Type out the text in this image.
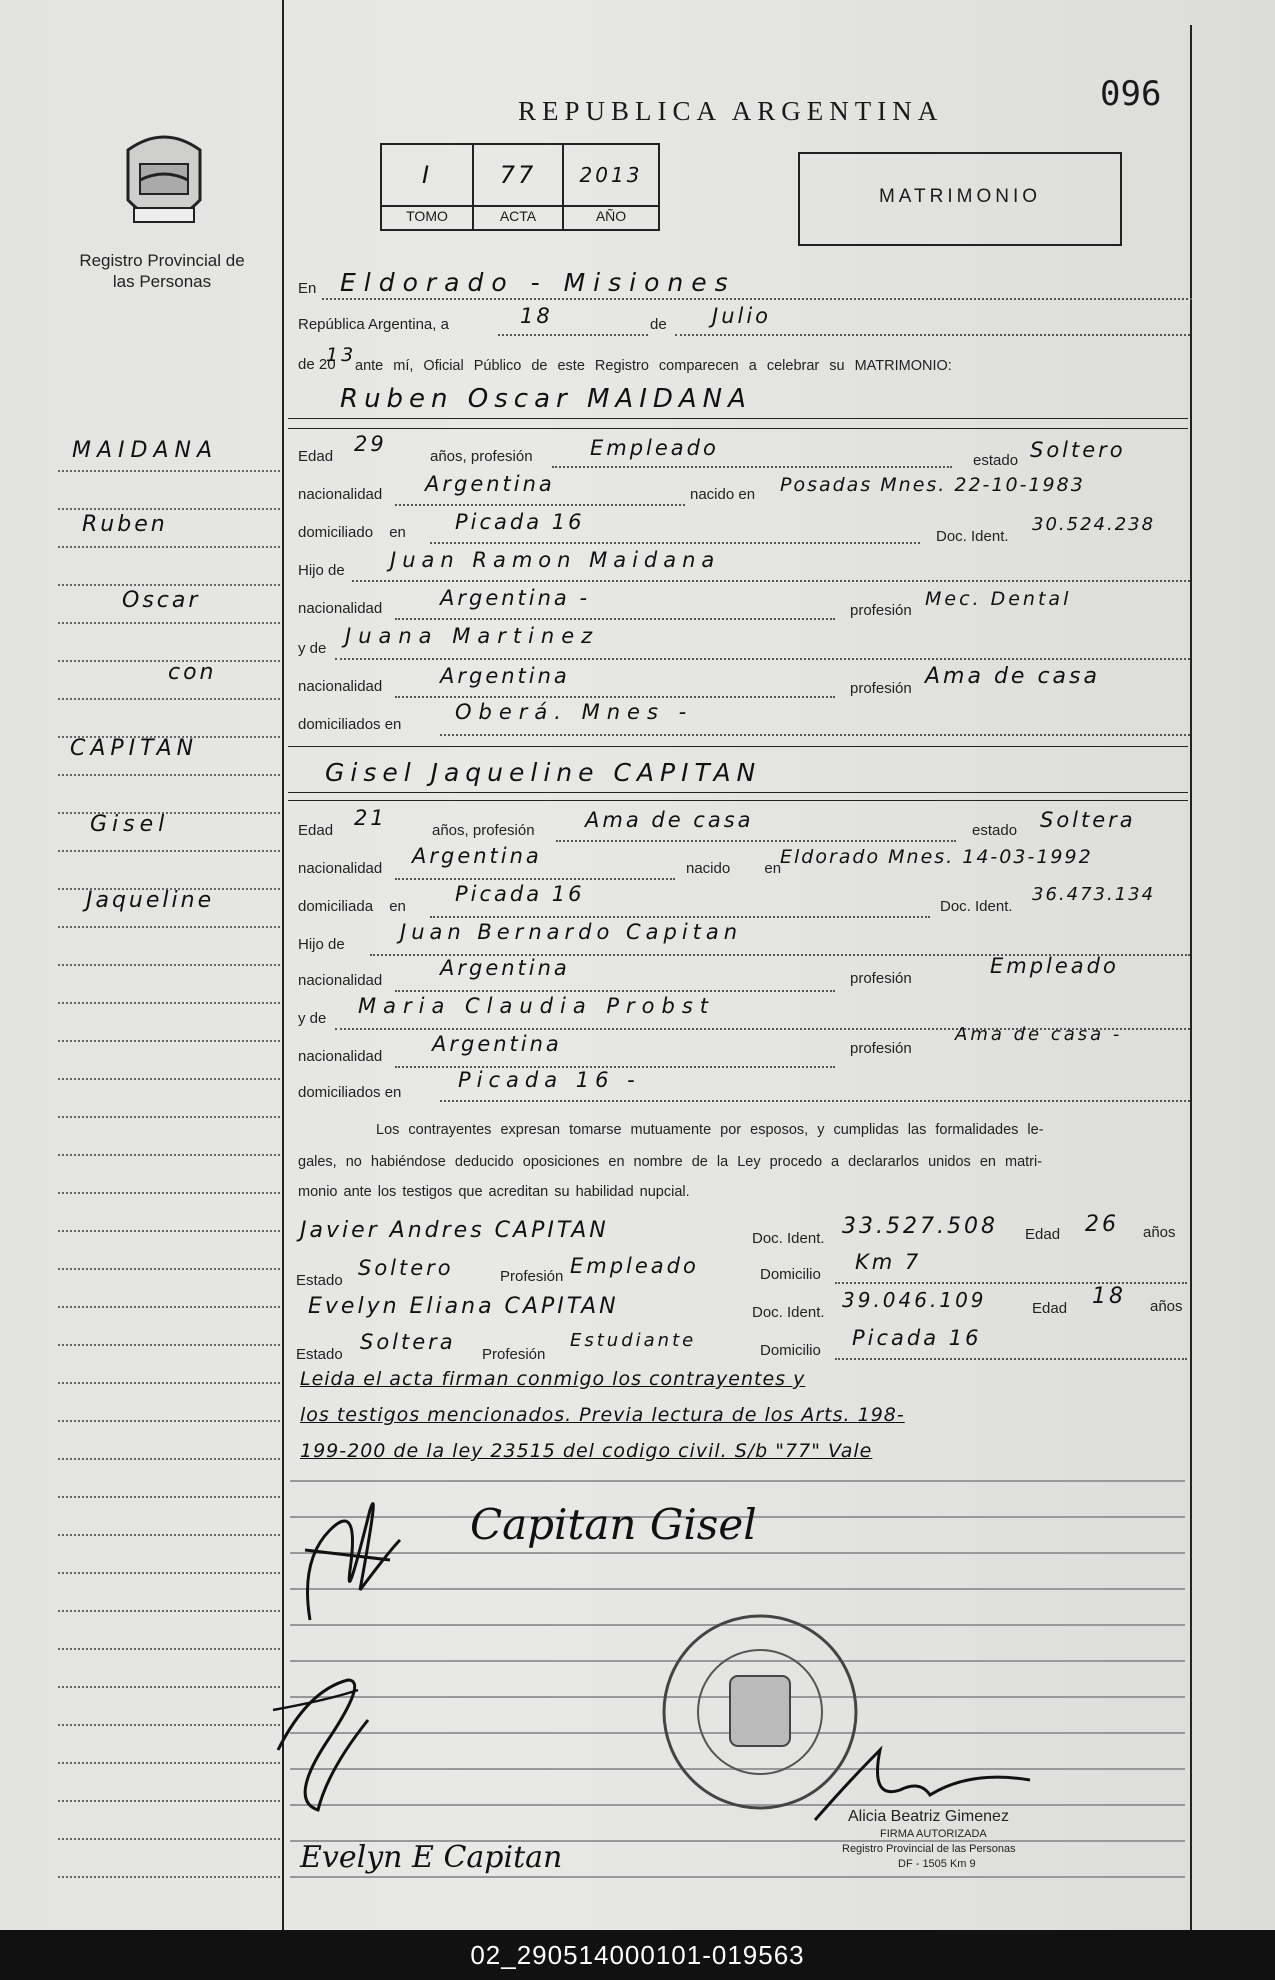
Registro Provincial de las Personas
REPUBLICA ARGENTINA	096
I	77	2013
TOMO	ACTA	AÑO
MATRIMONIO
En Eldorado - Misiones
República Argentina, a	18	de Julio
de 20
13
ante mí, Oficial Público de este Registro comparecen a celebrar su MATRIMONIO:
Ruben Oscar MAIDANA
Edad
29
años, profesión	Empleado
estado Soltero
nacionalidad Argentina	nacido en Posadas Mnes. 22-10-1983
domiciliado en Picada 16
Doc. Ident.
30.524.238
Hijo de Juan Ramon Maidana
nacionalidad	Argentina -
profesión
Mec. Dental
y de
Juana Martinez
nacionalidad	Argentina
profesión Ama de casa
domiciliados en
Oberá. Mnes -
Gisel Jaqueline CAPITAN
Edad
21
años, profesión Ama de casa	estado Soltera
nacionalidad
Argentina
nacido en
Eldorado Mnes. 14-03-1992
domiciliada en
Picada 16
Doc. Ident.
36.473.134
Hijo de
Juan Bernardo Capitan
nacionalidad
Argentina	profesión
Empleado
y de
Maria Claudia Probst
nacionalidad
Argentina	profesión
Ama de casa -
domiciliados en
Picada 16 -
Los contrayentes expresan tomarse mutuamente por esposos, y cumplidas las formalidades le-
gales, no habiéndose deducido oposiciones en nombre de la Ley procedo a declararlos unidos en matri-
monio ante los testigos que acreditan su habilidad nupcial.
Javier Andres CAPITAN	Doc. Ident. 33.527.508 Edad 26 años
Estado
Soltero	Profesión Empleado	Domicilio
Km 7
Evelyn Eliana CAPITAN	Doc. Ident.
39.046.109	Edad 18 años
Estado
Soltera
Profesión
Estudiante	Domicilio
Picada 16
Leida el acta firman conmigo los contrayentes y
los testigos mencionados. Previa lectura de los Arts. 198-
199-200 de la ley 23515 del codigo civil. S/b "77" Vale
Capitan Gisel
Evelyn E Capitan
Alicia Beatriz Gimenez
FIRMA AUTORIZADA
Registro Provincial de las Personas
DF - 1505 Km 9
MAIDANA
Ruben
Oscar
con
CAPITAN
Gisel
Jaqueline
02_290514000101-019563
